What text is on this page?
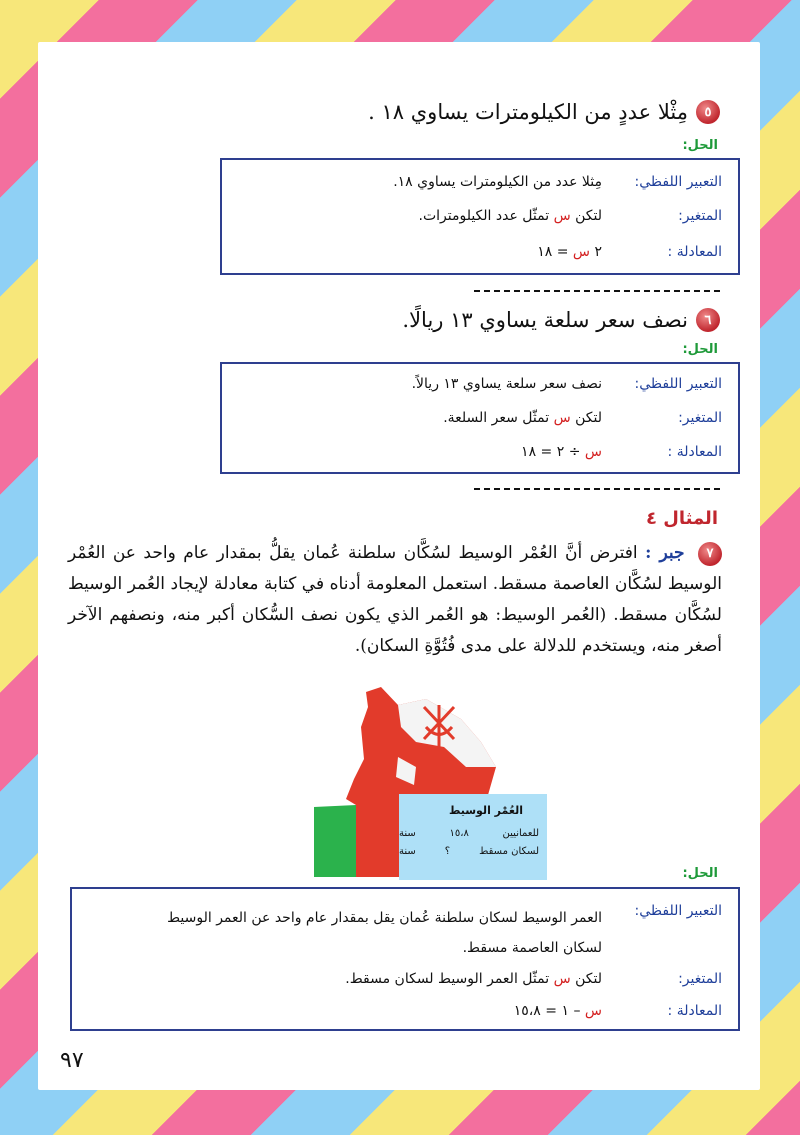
٥
مِثْلا عددٍ من الكيلومترات يساوي ١٨ .
الحل:
التعبير اللفظي:
مِثلا عدد من الكيلومترات يساوي ١٨.
المتغير:
لتكن س تمثّل عدد الكيلومترات.
المعادلة :
٢ س = ١٨
٦
نصف سعر سلعة يساوي ١٣ ريالًا.
الحل:
التعبير اللفظي:
نصف سعر سلعة يساوي ١٣ ريالاً.
المتغير:
لتكن س تمثّل سعر السلعة.
المعادلة :
س ÷ ٢ = ١٨
المثال ٤
٧ جبر : افترض أنَّ العُمْر الوسيط لسُكَّان سلطنة عُمان يقلُّ بمقدار عام واحد عن العُمْر الوسيط لسُكَّان العاصمة مسقط. استعمل المعلومة أدناه في كتابة معادلة لإيجاد العُمر الوسيط لسُكَّان مسقط. (العُمر الوسيط: هو العُمر الذي يكون نصف السُّكان أكبر منه، ونصفهم الآخر أصغر منه، ويستخدم للدلالة على مدى فُتُوَّةِ السكان).
العُمْر الوسيط
للعمانيين
١٥،٨
سنة
لسكان مسقط
؟
سنة
الحل:
التعبير اللفظي:
العمر الوسيط لسكان سلطنة عُمان يقل بمقدار عام واحد عن العمر الوسيط
لسكان العاصمة مسقط.
المتغير:
لتكن س تمثّل العمر الوسيط لسكان مسقط.
المعادلة :
س – ١ = ١٥،٨
٩٧
